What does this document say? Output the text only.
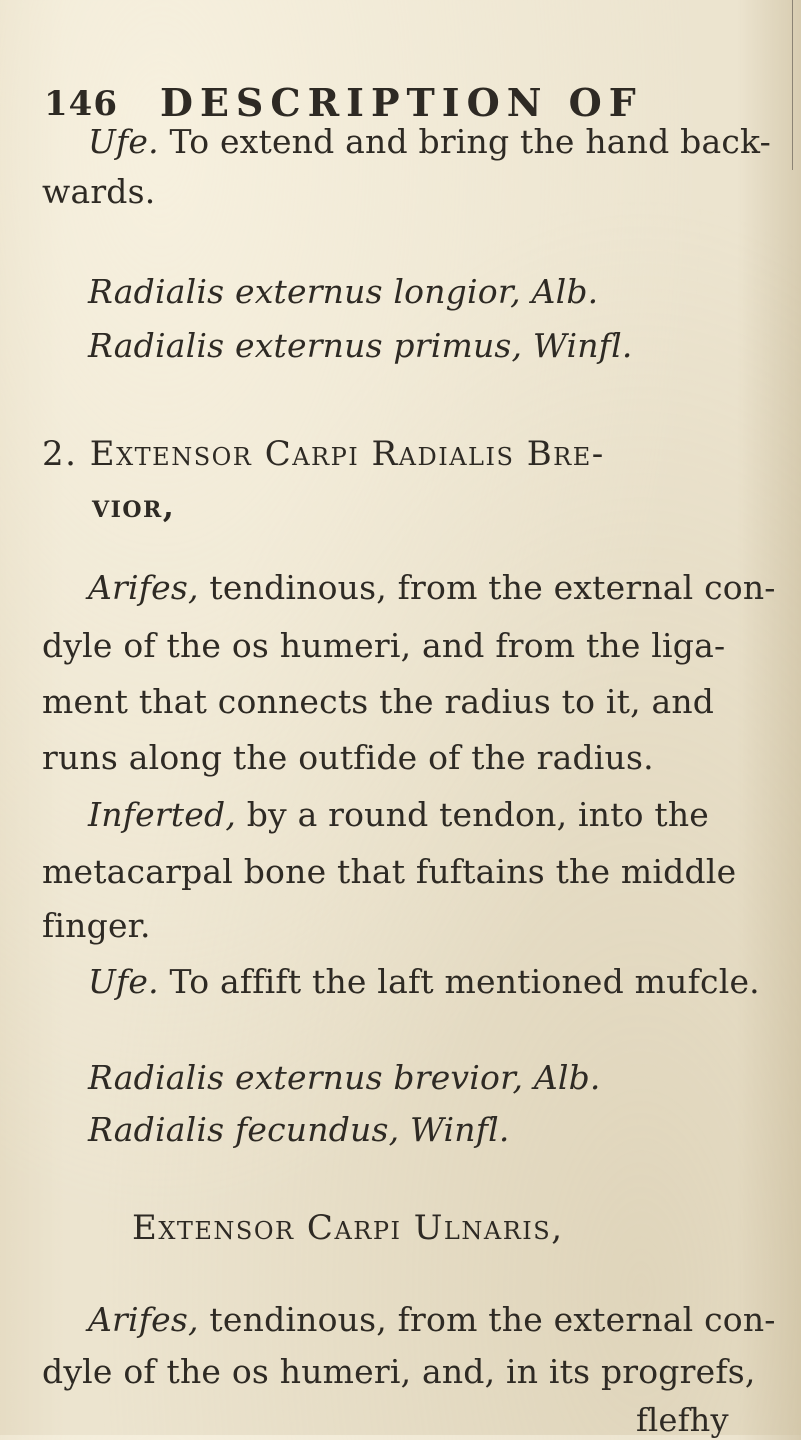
146 DESCRIPTION OF
Ufe. To extend and bring the hand back-
wards.
Radialis externus longior, Alb.
Radialis externus primus, Winfl.
2. Extensor Carpi Radialis Bre-
vior,
Arifes, tendinous, from the external con-
dyle of the os humeri, and from the liga-
ment that connects the radius to it, and
runs along the outfide of the radius.
Inferted, by a round tendon, into the
metacarpal bone that fuftains the middle
finger.
Ufe. To affift the laft mentioned mufcle.
Radialis externus brevior, Alb.
Radialis fecundus, Winfl.
Extensor Carpi Ulnaris,
Arifes, tendinous, from the external con-
dyle of the os humeri, and, in its progrefs,
flefhy
